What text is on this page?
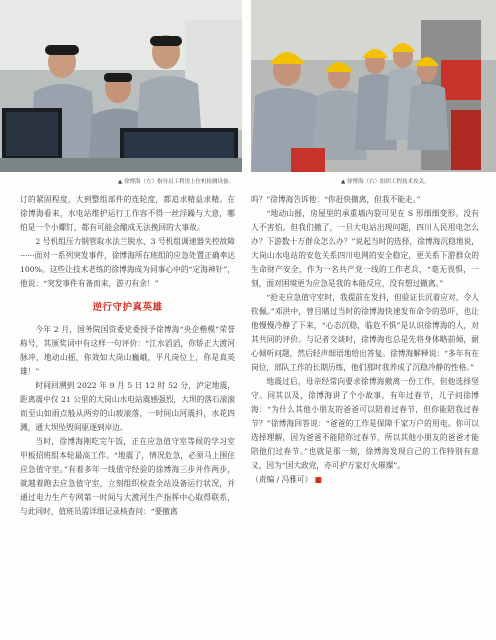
▲ 徐博海（左）指导员工利用上位机检测设备。	▲ 徐博海（右）组织工程技术攻关。

订的紧固程度，大到整组部件的连轮度，都追求精益求精。在徐博海看来，水电站维护运行工作容不得一丝浮躁与大意，哪怕是一个小螺钉，都有可能会酿成无法挽回的大事故。

2 号机组压力钢管取水法兰脱水、3 号机组调速器失控故障······面对一系列突发事件，徐博海所在班组的应急处置正确率达 100%。这些让技术老练的徐博海成为同事心中的“定海神针”，他说：“突发事件有备而来，游刃有余！”

逆行守护真英雄

今年 2 月，国务院国资委党委授予徐博海“央企楷模”荣誉称号，其颁奖词中有这样一句评价：“江水滔滔，你矫正大渡河脉冲，地动山摇，你效如大岗山巍峨，平凡岗位上，你是真英雄！”

时间回溯到 2022 年 9 月 5 日 12 时 52 分，泸定地震，距离震中仅 21 公里的大岗山水电站震感强烈，大坝的落石滚滚而至山如雨点般从两旁的山坡滚落，一时间山河震抖，水花四溅，通大坝坠毁间驱逐到岸边。

当时，徐博海刚吃完午饭，正在应急值守室等候的学习室甲板招班组本轮最高工作。“地震了，情况危急，必须马上围住应急值守室。”有着多年一线值守经验的徐博海三步并作两步，就越着跑去应急值守室，立刻组织检查全站设备运行状况，并通过电力生产专网第一时间与大渡河生产指挥中心取得联系，与此同时，值班员需详细记录核查问：“要撤离

吗？”徐博海告诉他：“你赶快撤离，但我不能走。”

“地动山摇，房屋里的承重墙内裂可见在 S 形细细变形。没有人不害怕。但我们撤了，一旦大电站出现问题，四川人民用电怎么办？下游数十万群众怎么办？”说起当时的选择，徐博海沉稳地说，大岗山水电站的安危关系四川电网的安全稳定，更关系下游群众的生命财产安全，作为一名共产党一线的工作老兵，“毫无畏惧，一刻，面对困境更为应急是我的本能反应，没有想过撤离。”

“抢走应急值守室时，我提前在发抖，但验证长沉着应对，令人钦佩。”邓洪中，曾目睹过当时的徐博海快速发布命令的恐吓，也让他慢慢冷静了下来，“心态沉稳，临危不惧”是认识徐博海的人，对其共同的评价。与记者交谈时，徐博海也总是先将身体略前倾，耐心倾听问题，然后轻声细语地给出答复。徐博海解释说：“多年有在岗位，部队工作的长期历练，他们那时我养成了沉稳冷静的性格。”

地震过后，母亲经常向要求徐博海撤离一份工作，但他选择坚守。同其以及，徐博海讲了个小故事。有年过春节，儿子问徐博海：“为什么其他小朋友的爸爸可以陪着过春节，但你能陪我过春节？”徐博海回答说：“爸爸的工作是保障千家万户的用电。你可以选择理解，因为爸爸不能陪你过春节，所以其他小朋友的爸爸才能陪他们过春节。”也就是那一刻，徐博海发现自己的工作特别有意义，因为“国大政党，亦可护万家灯火璀璨”。

（责编 / 冯雅可） ■
